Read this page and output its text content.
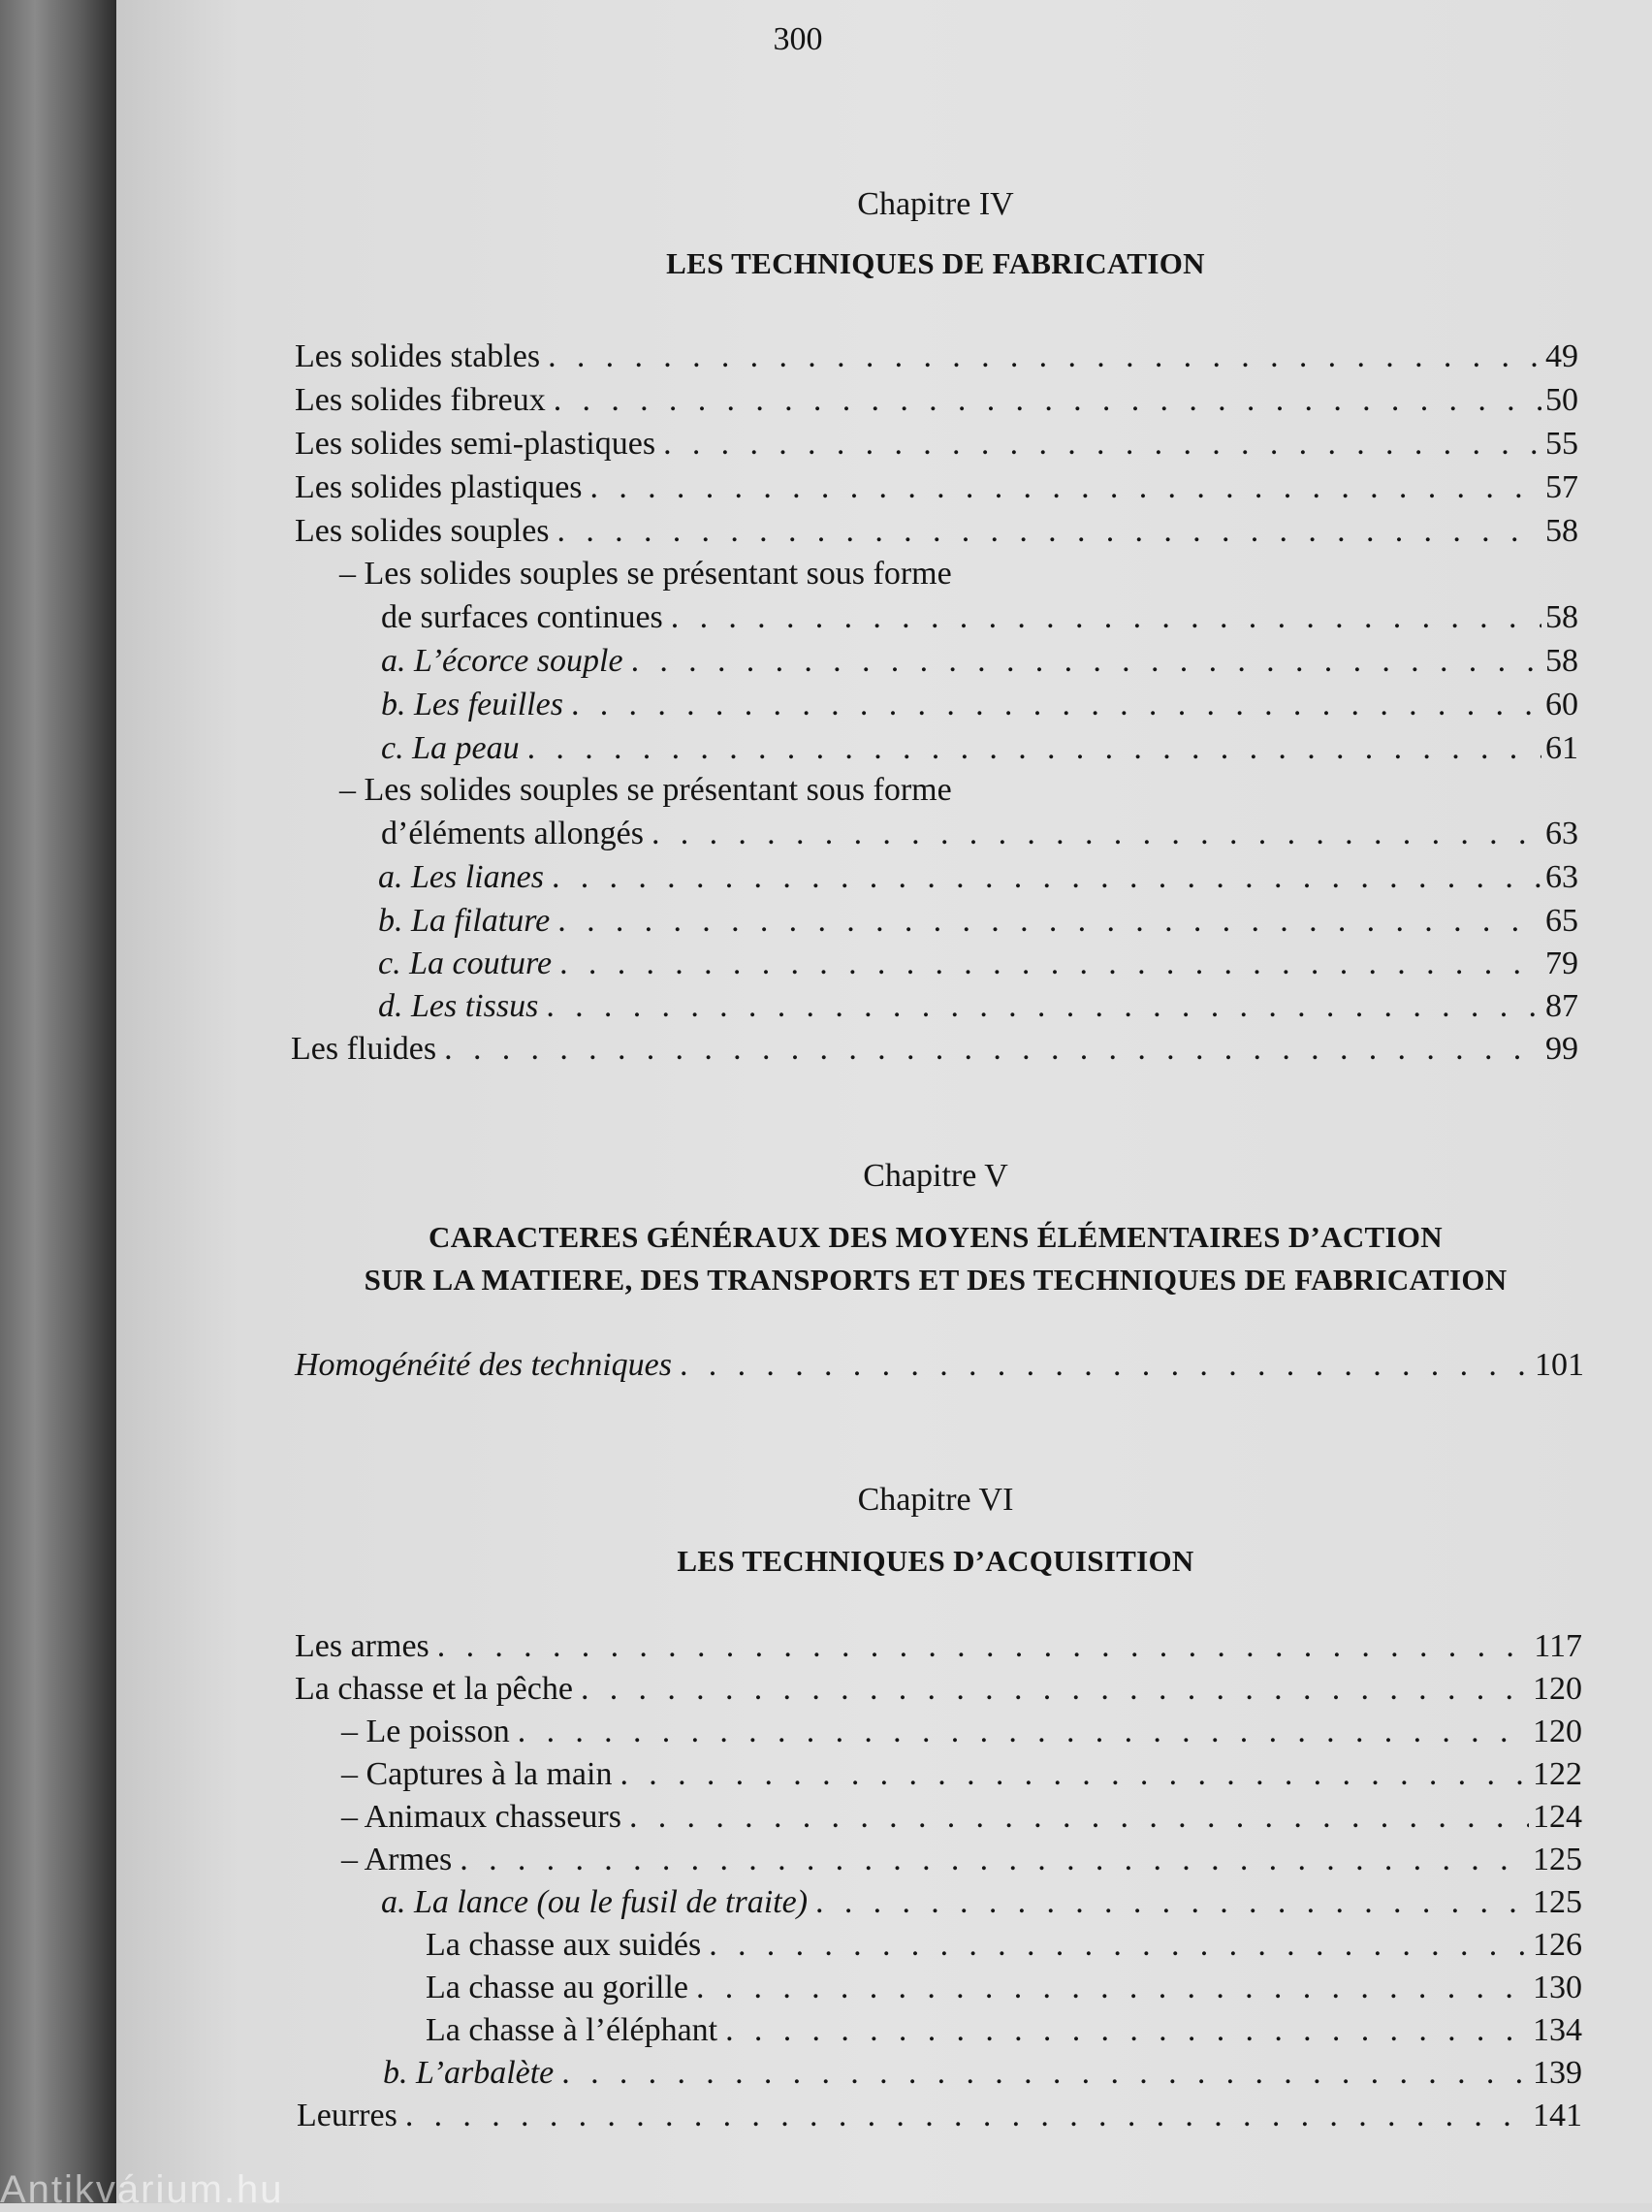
300
Chapitre IV
LES TECHNIQUES DE FABRICATION
Les solides stables . . .	49
Les solides fibreux . . .	50
Les solides semi-plastiques . . .	55
Les solides plastiques . . .	57
Les solides souples . . .	58
– Les solides souples se présentant sous forme
de surfaces continues . . .	58
a. L’écorce souple . . .	58
b. Les feuilles . . .	60
c. La peau . . .	61
– Les solides souples se présentant sous forme
d’éléments allongés . . .	63
a. Les lianes . . .	63
b. La filature . . .	65
c. La couture . . .	79
d. Les tissus . . .	87
Les fluides . . .	99
Chapitre V
CARACTERES GÉNÉRAUX DES MOYENS ÉLÉMENTAIRES D’ACTION
SUR LA MATIERE, DES TRANSPORTS ET DES TECHNIQUES DE FABRICATION
Homogénéité des techniques . . .	101
Chapitre VI
LES TECHNIQUES D’ACQUISITION
Les armes . . .	117
La chasse et la pêche . . .	120
– Le poisson . . .	120
– Captures à la main . . .	122
– Animaux chasseurs . . .	124
– Armes . . .	125
a. La lance (ou le fusil de traite) . . .	125
La chasse aux suidés . . .	126
La chasse au gorille . . .	130
La chasse à l’éléphant . . .	134
b. L’arbalète . . .	139
Leurres . . .	141
Antikvárium.hu
